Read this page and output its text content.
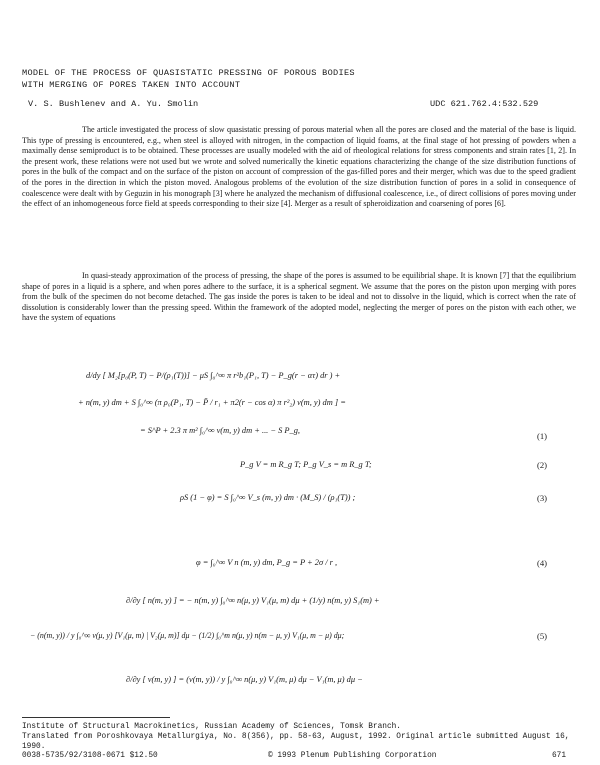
MODEL OF THE PROCESS OF QUASISTATIC PRESSING OF POROUS BODIES
WITH MERGING OF PORES TAKEN INTO ACCOUNT
V. S. Bushlenev and A. Yu. Smolin	UDC 621.762.4:532.529
The article investigated the process of slow quasistatic pressing of porous material when all the pores are closed and the material of the base is liquid. This type of pressing is encountered, e.g., when steel is alloyed with nitrogen, in the compaction of liquid foams, at the final stage of hot pressing of powders when a maximally dense semiproduct is to be obtained. These processes are usually modeled with the aid of rheological relations for stress components and strain rates [1, 2]. In the present work, these relations were not used but we wrote and solved numerically the kinetic equations characterizing the change of the size distribution functions of pores in the bulk of the compact and on the surface of the piston on account of compression of the gas-filled pores and their merger, which was due to the speed gradient of the pores in the direction in which the piston moved. Analogous problems of the evolution of the size distribution function of pores in a solid in consequence of coalescence were dealt with by Geguzin in his monograph [3] where he analyzed the mechanism of diffusional coalescence, i.e., of direct collisions of pores moving under the effect of an inhomogeneous force field at speeds corresponding to their size [4]. Merger as a result of spheroidization and coarsening of pores [6].
In quasi-steady approximation of the process of pressing, the shape of the pores is assumed to be equilibrial shape. It is known [7] that the equilibrium shape of pores in a liquid is a sphere, and when pores adhere to the surface, it is a spherical segment. We assume that the pores on the piston upon merging with pores from the bulk of the specimen do not become detached. The gas inside the pores is taken to be ideal and not to dissolve in the liquid, which is correct when the rate of dissolution is considerably lower than the pressing speed. Within the framework of the adopted model, neglecting the merger of pores on the piston with each other, we have the system of equations
d/dy [ M₂[p₀(P, T) − P/(ρ₁(T))] − μS ∫₀^∞ π r²b₁(P₁, T) − P_g(r − ατ) dr ) +
+ n(m, y) dm + S ∫₀^∞ (π ρ₀(P₁, T) − P̄ / r₁ + π2(r − cos α) π r²₂) v(m, y) dm ] =
= S^P + 2.3 π m² ∫₀^∞ v(m, y) dm + ... − S P_g,
(1)
P_g V = m R_g T; P_g V_s = m R_g T;	(2)
ρS (1 − φ) = S ∫₀^∞ V_s (m, y) dm · (M_S) / (ρ₁(T)) ;	(3)
φ = ∫₀^∞ V n (m, y) dm, P_g = P + 2σ / r ,	(4)
∂/∂y [ n(m, y) ] = − n(m, y) ∫₀^∞ n(μ, y) V₁(μ, m) dμ + (1/y) n(m, y) S₁(m) +
− (n(m, y)) / y ∫₀^∞ v(μ, y) [V₁(μ, m) | V₂(μ, m)] dμ − (1/2) ∫₀^m n(μ, y) n(m − μ, y) V₁(μ, m − μ) dμ;	(5)
∂/∂y [ v(m, y) ] = (v(m, y)) / y ∫₀^∞ n(μ, y) V₁(m, μ) dμ − V₁(m, μ) dμ −
Institute of Structural Macrokinetics, Russian Academy of Sciences, Tomsk Branch.
Translated from Poroshkovaya Metallurgiya, No. 8(356), pp. 58-63, August, 1992. Original article submitted August 16, 1990.
0038-5735/92/3108-0671 $12.50	© 1993 Plenum Publishing Corporation	671
